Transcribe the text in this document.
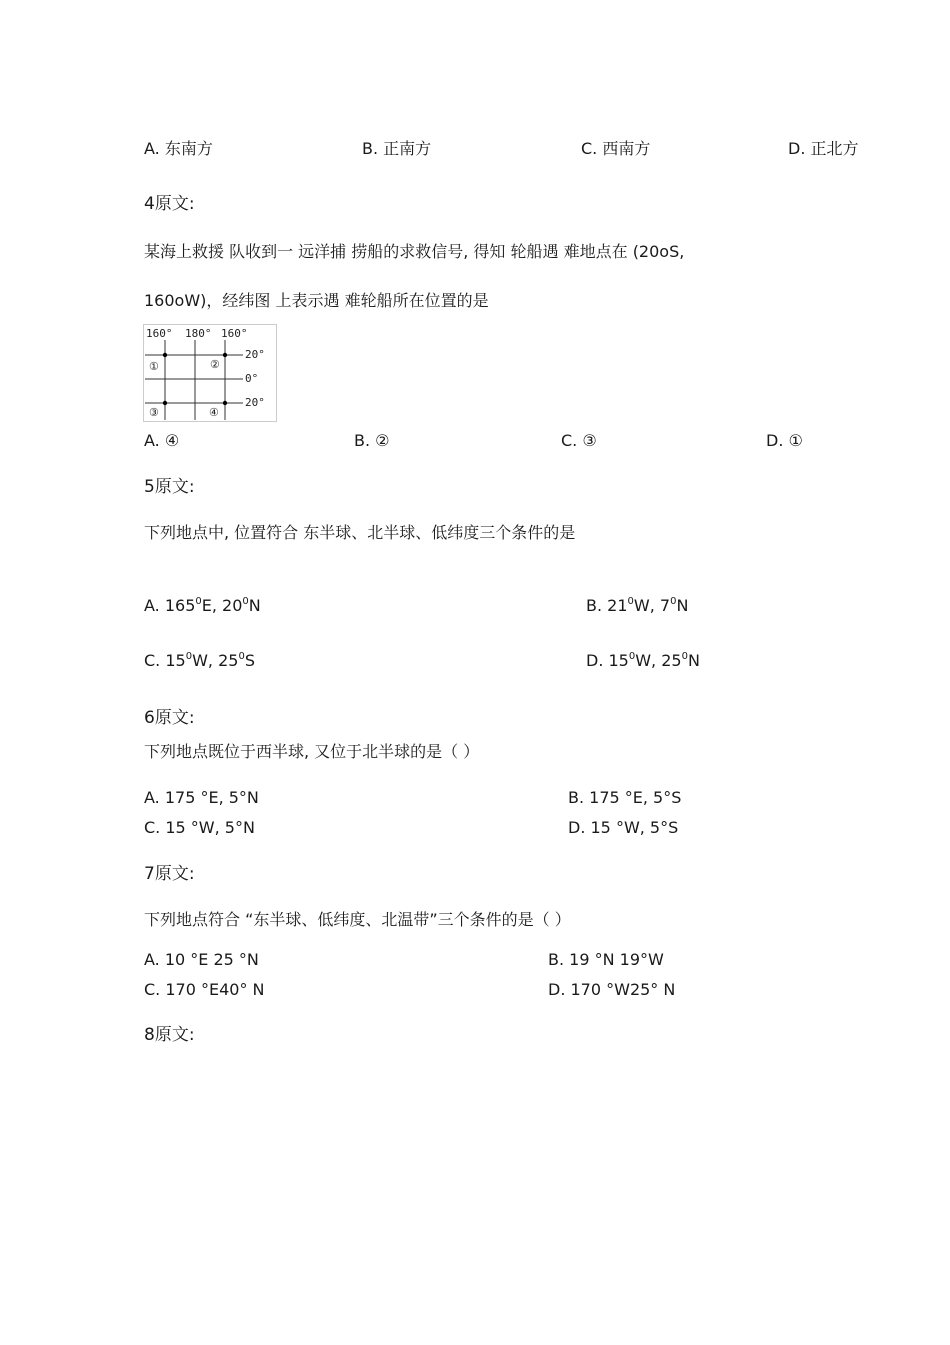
A. 东南方	B. 正南方	C. 西南方	D. 正北方
4原文:
某海上救援 队收到一 远洋捕 捞船的求救信号, 得知 轮船遇 难地点在 (20oS,
160oW)，经纬图 上表示遇 难轮船所在位置的是
160° 180° 160°
20°
0°
20°
①	②
③	④
A. ④	B. ②	C. ③	D. ①
5原文:
下列地点中, 位置符合 东半球、北半球、低纬度三个条件的是
A. $165^0E$, $20^0N$	B. $21^0W$, $7^0N$
C. $15^0W$, $25^0S$	D. $15^0W$, $25^0N$
6原文:
下列地点既位于西半球, 又位于北半球的是（ ）
A. 175 °E, 5°N	B. 175 °E, 5°S
C. 15 °W, 5°N	D. 15 °W, 5°S
7原文:
下列地点符合 “东半球、低纬度、北温带”三个条件的是（ ）
A. 10 °E 25 °N	B. 19 °N 19°W
C. 170 °E40° N	D. 170 °W25° N
8原文:
